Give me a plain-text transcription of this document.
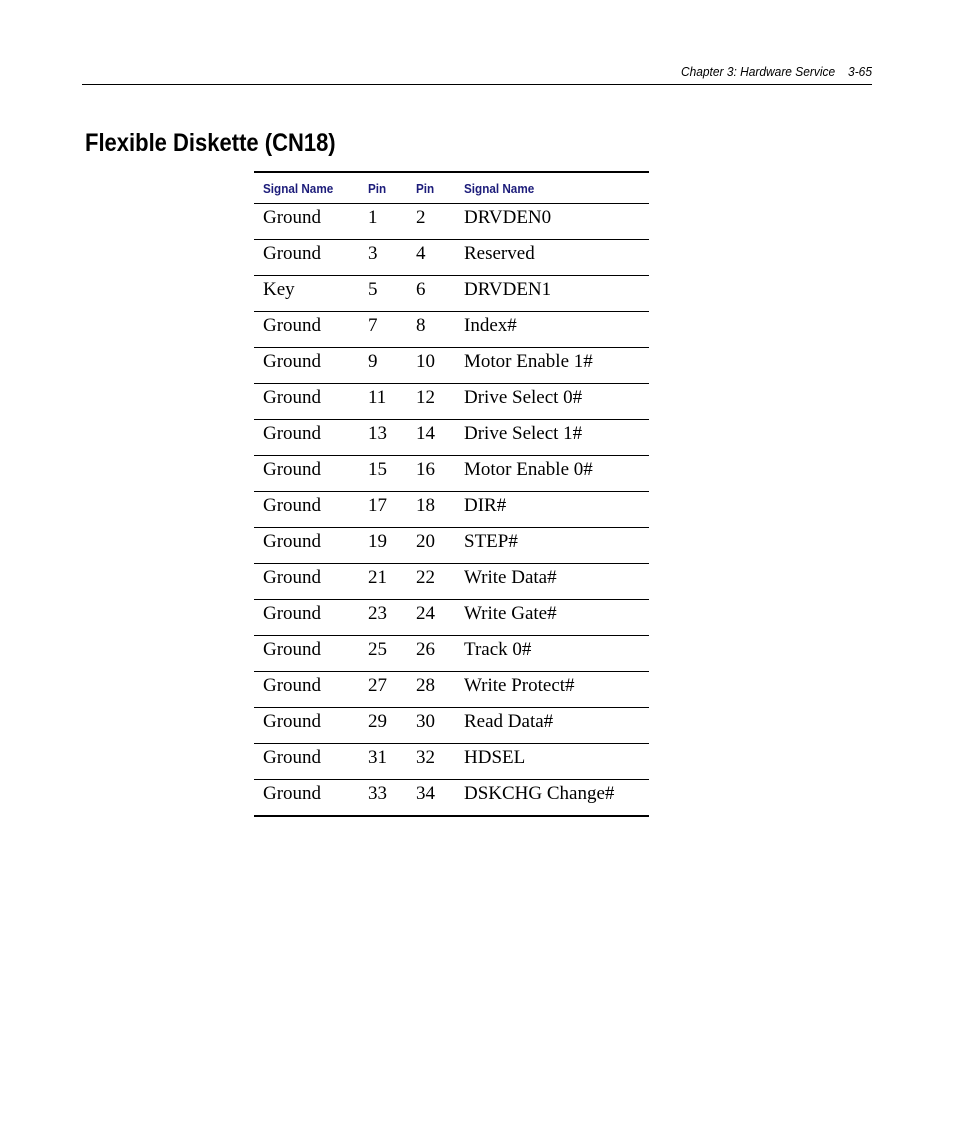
Chapter 3: Hardware Service 3-65
Flexible Diskette (CN18)
Signal Name	Pin	Pin	Signal Name
Ground	1	2	DRVDEN0
Ground	3	4	Reserved
Key	5	6	DRVDEN1
Ground	7	8	Index#
Ground	9	10	Motor Enable 1#
Ground	11	12	Drive Select 0#
Ground	13	14	Drive Select 1#
Ground	15	16	Motor Enable 0#
Ground	17	18	DIR#
Ground	19	20	STEP#
Ground	21	22	Write Data#
Ground	23	24	Write Gate#
Ground	25	26	Track 0#
Ground	27	28	Write Protect#
Ground	29	30	Read Data#
Ground	31	32	HDSEL
Ground	33	34	DSKCHG Change#
